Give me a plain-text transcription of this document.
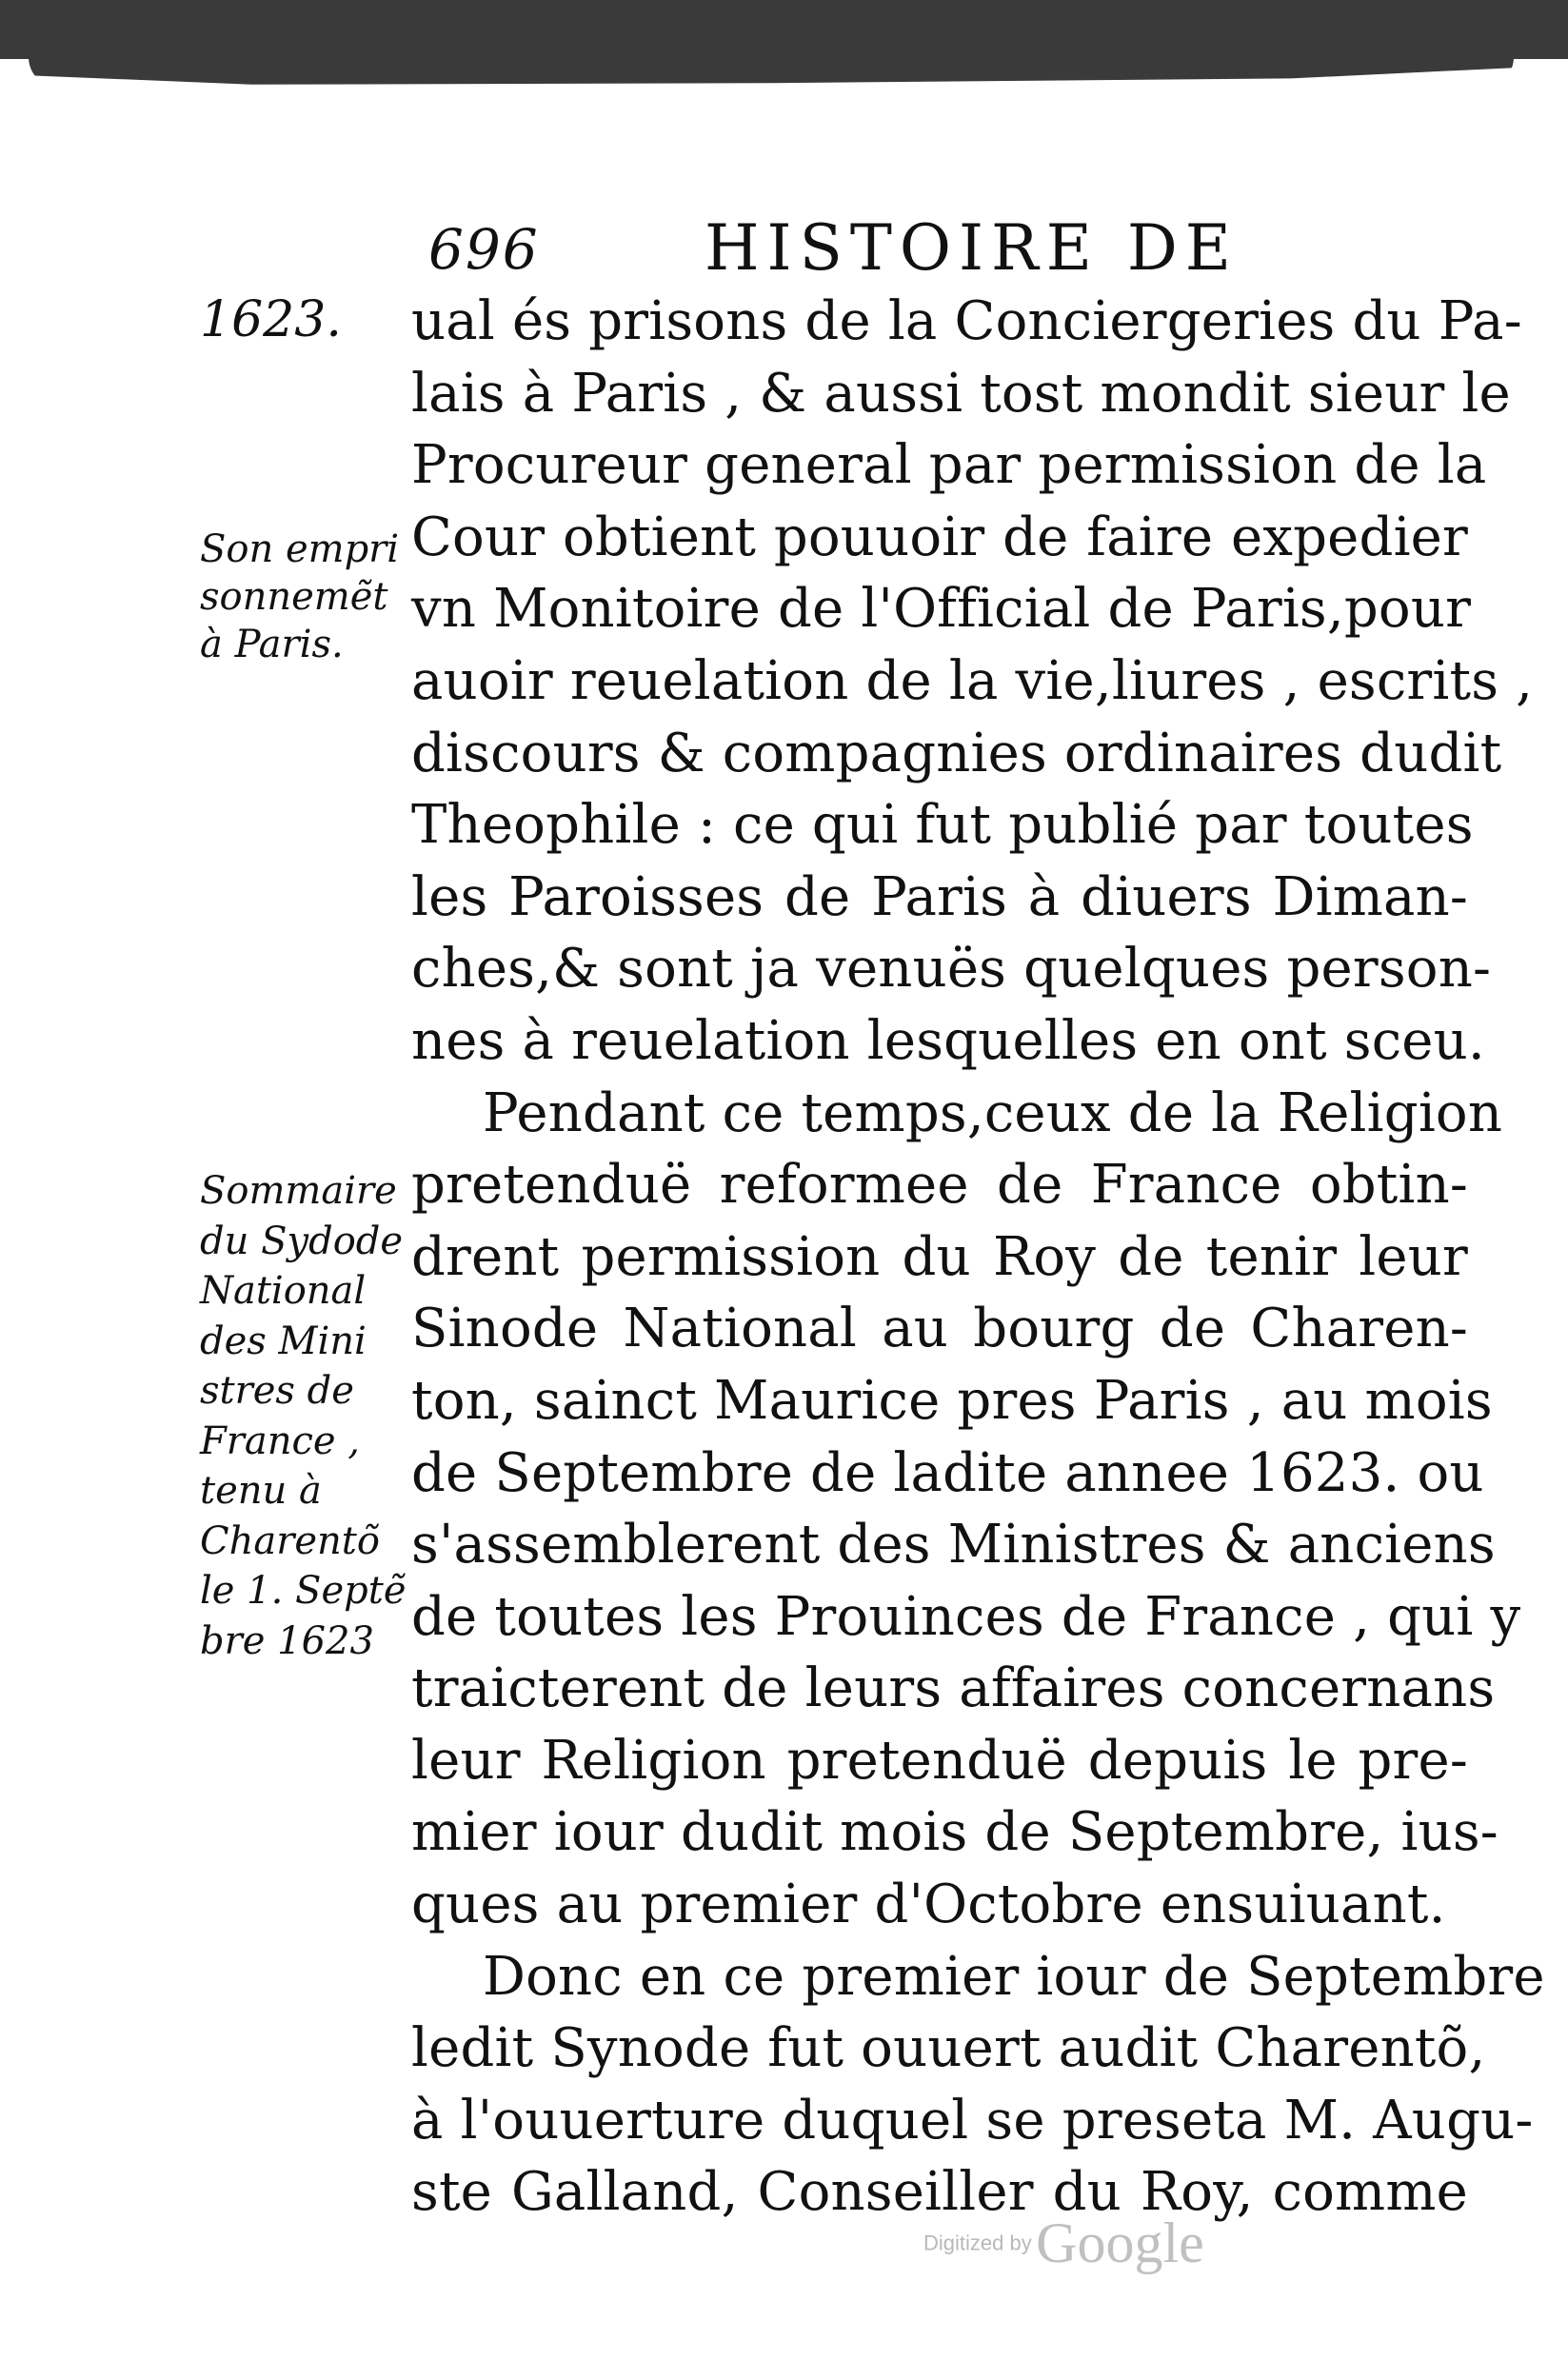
696	HISTOIRE DE
1623.
Son empri
sonnemẽt
à Paris.
Sommaire
du Sydode
National
des Mini
stres de
France ,
tenu à
Charentõ
le 1. Septẽ
bre 1623
ual és prisons de la Conciergeries du Pa-
lais à Paris , & aussi tost mondit sieur le
Procureur general par permission de la
Cour obtient pouuoir de faire expedier
vn Monitoire de l'Official de Paris,pour
auoir reuelation de la vie,liures , escrits ,
discours & compagnies ordinaires dudit
Theophile : ce qui fut publié par toutes
les Paroisses de Paris à diuers Diman-
ches,& sont ja venuës quelques person-
nes à reuelation lesquelles en ont sceu.
Pendant ce temps,ceux de la Religion
pretenduë reformee de France obtin-
drent permission du Roy de tenir leur
Sinode National au bourg de Charen-
ton, sainct Maurice pres Paris , au mois
de Septembre de ladite annee 1623. ou
s'assemblerent des Ministres & anciens
de toutes les Prouinces de France , qui y
traicterent de leurs affaires concernans
leur Religion pretenduë depuis le pre-
mier iour dudit mois de Septembre, ius-
ques au premier d'Octobre ensuiuant.
Donc en ce premier iour de Septembre
ledit Synode fut ouuert audit Charentõ,
à l'ouuerture duquel se preseta M. Augu-
ste Galland, Conseiller du Roy, comme
Digitized by Google
